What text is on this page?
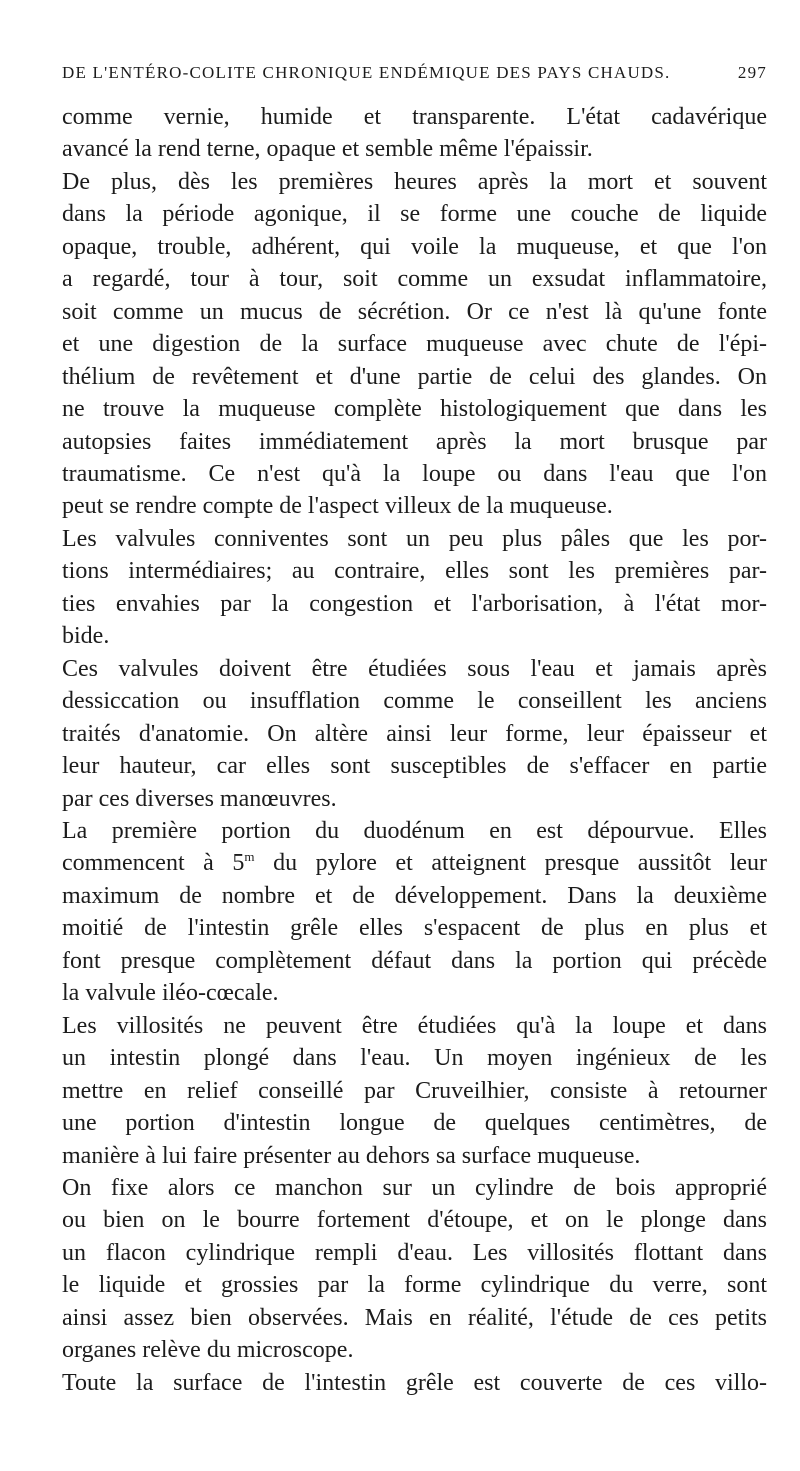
DE L'ENTÉRO-COLITE CHRONIQUE ENDÉMIQUE DES PAYS CHAUDS.	297
comme vernie, humide et transparente. L'état cadavérique
avancé la rend terne, opaque et semble même l'épaissir.
De plus, dès les premières heures après la mort et souvent
dans la période agonique, il se forme une couche de liquide
opaque, trouble, adhérent, qui voile la muqueuse, et que l'on
a regardé, tour à tour, soit comme un exsudat inflammatoire,
soit comme un mucus de sécrétion. Or ce n'est là qu'une fonte
et une digestion de la surface muqueuse avec chute de l'épi-
thélium de revêtement et d'une partie de celui des glandes. On
ne trouve la muqueuse complète histologiquement que dans les
autopsies faites immédiatement après la mort brusque par
traumatisme. Ce n'est qu'à la loupe ou dans l'eau que l'on
peut se rendre compte de l'aspect villeux de la muqueuse.
Les valvules conniventes sont un peu plus pâles que les por-
tions intermédiaires; au contraire, elles sont les premières par-
ties envahies par la congestion et l'arborisation, à l'état mor-
bide.
Ces valvules doivent être étudiées sous l'eau et jamais après
dessiccation ou insufflation comme le conseillent les anciens
traités d'anatomie. On altère ainsi leur forme, leur épaisseur et
leur hauteur, car elles sont susceptibles de s'effacer en partie
par ces diverses manœuvres.
La première portion du duodénum en est dépourvue. Elles
commencent à 5$^m$ du pylore et atteignent presque aussitôt leur
maximum de nombre et de développement. Dans la deuxième
moitié de l'intestin grêle elles s'espacent de plus en plus et
font presque complètement défaut dans la portion qui précède
la valvule iléo-cœcale.
Les villosités ne peuvent être étudiées qu'à la loupe et dans
un intestin plongé dans l'eau. Un moyen ingénieux de les
mettre en relief conseillé par Cruveilhier, consiste à retourner
une portion d'intestin longue de quelques centimètres, de
manière à lui faire présenter au dehors sa surface muqueuse.
On fixe alors ce manchon sur un cylindre de bois approprié
ou bien on le bourre fortement d'étoupe, et on le plonge dans
un flacon cylindrique rempli d'eau. Les villosités flottant dans
le liquide et grossies par la forme cylindrique du verre, sont
ainsi assez bien observées. Mais en réalité, l'étude de ces petits
organes relève du microscope.
Toute la surface de l'intestin grêle est couverte de ces villo-
